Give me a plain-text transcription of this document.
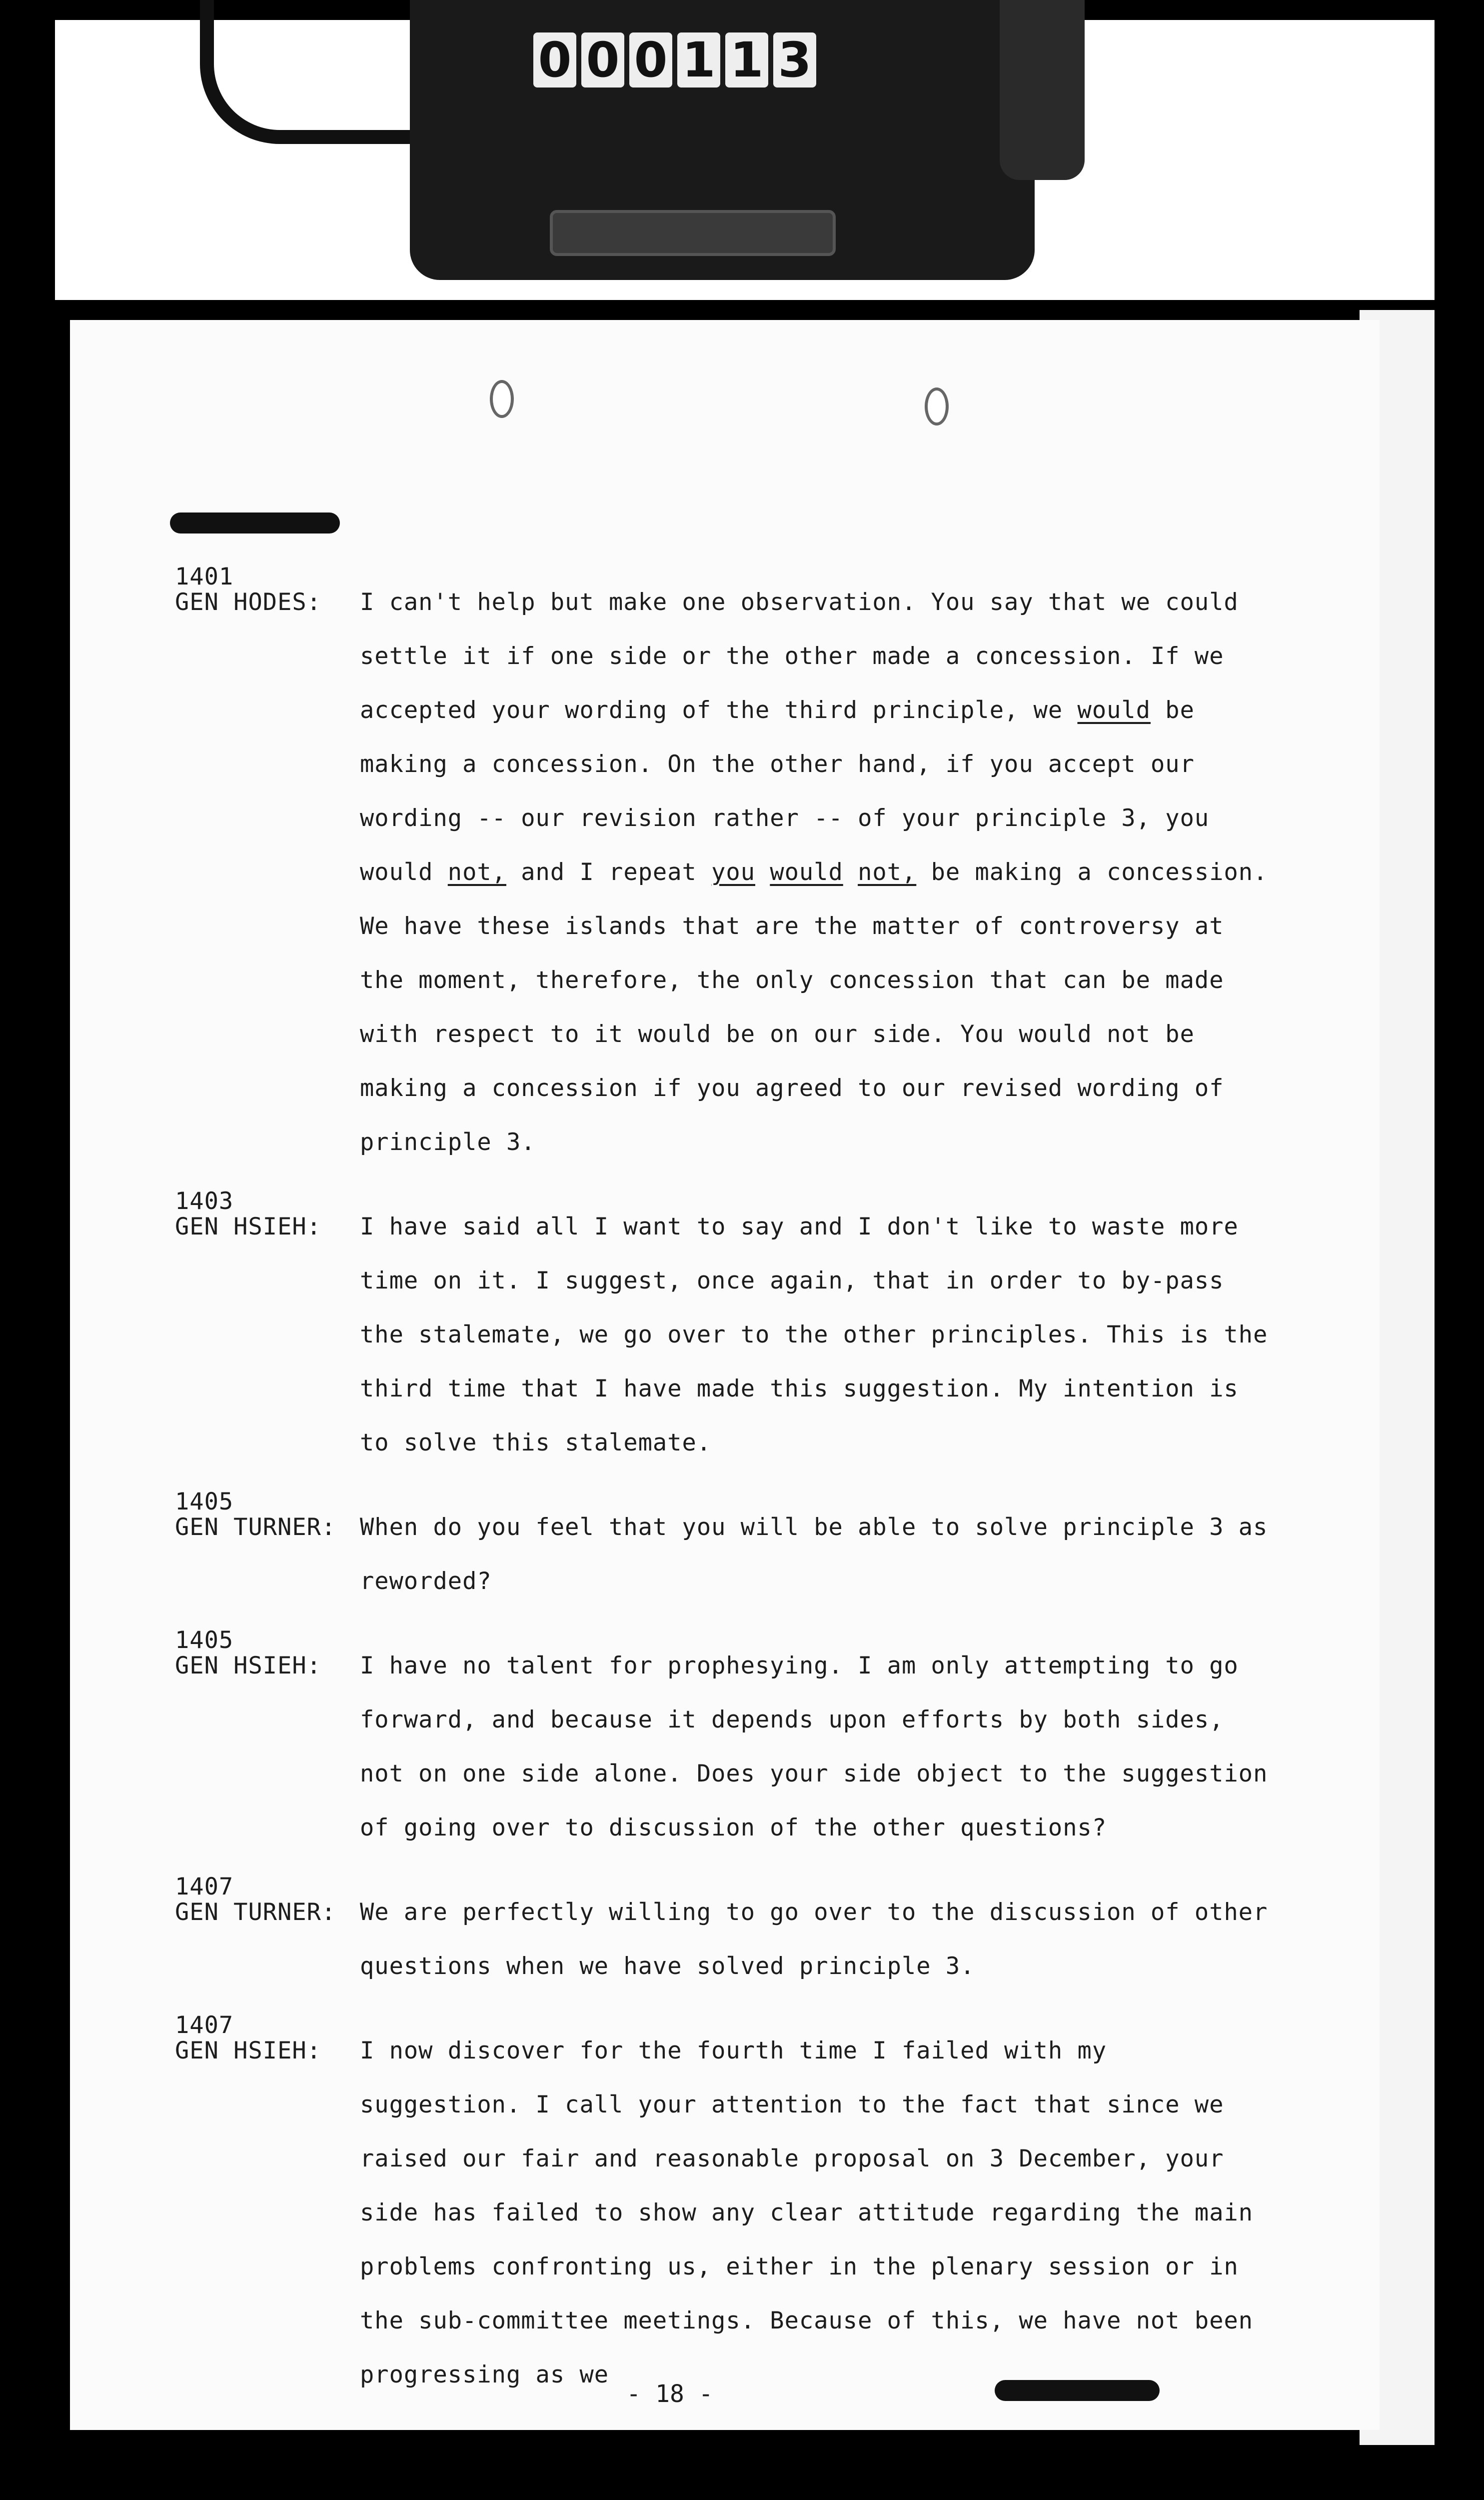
0 0 0 1 1 3
1401
GEN HODES:	I can't help but make one observation. You say that we could settle it if one side or the other made a concession. If we accepted your wording of the third principle, we would be making a concession. On the other hand, if you accept our wording -- our revision rather -- of your principle 3, you would not, and I repeat you would not, be making a concession. We have these islands that are the matter of controversy at the moment, therefore, the only concession that can be made with respect to it would be on our side. You would not be making a concession if you agreed to our revised wording of principle 3.
1403
GEN HSIEH:	I have said all I want to say and I don't like to waste more time on it. I suggest, once again, that in order to by-pass the stalemate, we go over to the other principles. This is the third time that I have made this suggestion. My intention is to solve this stalemate.
1405
GEN TURNER:	When do you feel that you will be able to solve principle 3 as reworded?
1405
GEN HSIEH:	I have no talent for prophesying. I am only attempting to go forward, and because it depends upon efforts by both sides, not on one side alone. Does your side object to the suggestion of going over to discussion of the other questions?
1407
GEN TURNER:	We are perfectly willing to go over to the discussion of other questions when we have solved principle 3.
1407
GEN HSIEH:	I now discover for the fourth time I failed with my suggestion. I call your attention to the fact that since we raised our fair and reasonable proposal on 3 December, your side has failed to show any clear attitude regarding the main problems confronting us, either in the plenary session or in the sub-committee meetings. Because of this, we have not been progressing as we
- 18 -
